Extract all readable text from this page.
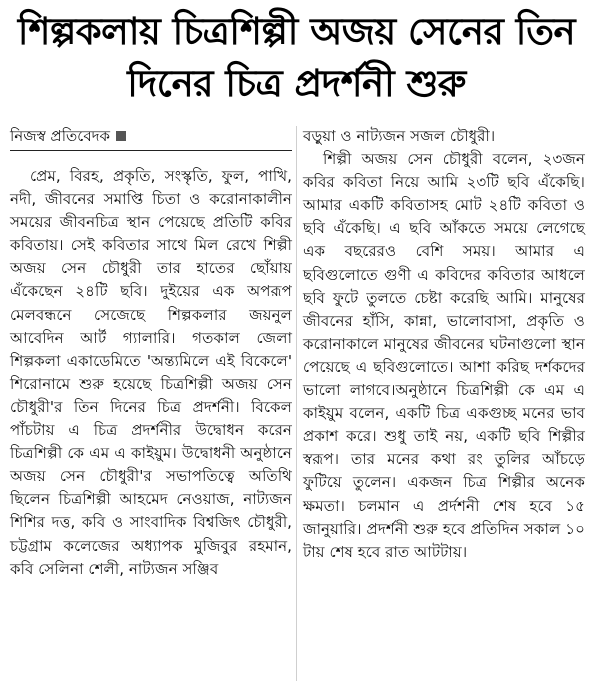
শিল্পকলায় চিত্রশিল্পী অজয় সেনের তিন
দিনের চিত্র প্রদর্শনী শুরু
নিজস্ব প্রতিবেদক

প্রেম, বিরহ, প্রকৃতি, সংস্কৃতি, ফুল, পাখি, নদী, জীবনের সমাপ্তি চিতা ও করোনাকালীন সময়ের জীবনচিত্র স্থান পেয়েছে প্রতিটি কবির কবিতায়। সেই কবিতার সাথে মিল রেখে শিল্পী অজয় সেন চৌধুরী তার হাতের ছোঁয়ায় এঁকেছেন ২৪টি ছবি। দুইয়ের এক অপরূপ মেলবন্ধনে সেজেছে শিল্পকলার জয়নুল আবেদিন আর্ট গ্যালারি। গতকাল জেলা শিল্পকলা একাডেমিতে 'অন্ত্যমিলে এই বিকেলে' শিরোনামে শুরু হয়েছে চিত্রশিল্পী অজয় সেন চৌধুরী'র তিন দিনের চিত্র প্রদর্শনী। বিকেল পাঁচটায় এ চিত্র প্রদর্শনীর উদ্বোধন করেন চিত্রশিল্পী কে এম এ কাইয়ুম। উদ্বোধনী অনুষ্ঠানে অজয় সেন চৌধুরী'র সভাপতিত্বে অতিথি ছিলেন চিত্রশিল্পী আহমেদ নেওয়াজ, নাট্যজন শিশির দত্ত, কবি ও সাংবাদিক বিশ্বজিৎ চৌধুরী, চট্টগ্রাম কলেজের অধ্যাপক মুজিবুর রহমান, কবি সেলিনা শেলী, নাট্যজন সঞ্জিব

বড়ুয়া ও নাট্যজন সজল চৌধুরী।

শিল্পী অজয় সেন চৌধুরী বলেন, ২৩জন কবির কবিতা নিয়ে আমি ২৩টি ছবি এঁকেছি। আমার একটি কবিতাসহ মোট ২৪টি কবিতা ও ছবি এঁকেছি। এ ছবি আঁকতে সময়ে লেগেছে এক বছরেরও বেশি সময়। আমার এ ছবিগুলোতে গুণী এ কবিদের কবিতার আধলে ছবি ফুটে তুলতে চেষ্টা করেছি আমি। মানুষের জীবনের হাঁসি, কান্না, ভালোবাসা, প্রকৃতি ও করোনাকালে মানুষের জীবনের ঘটনাগুলো স্থান পেয়েছে এ ছবিগুলোতে। আশা করিছ দর্শকদের ভালো লাগবে।অনুষ্ঠানে চিত্রশিল্পী কে এম এ কাইয়ুম বলেন, একটি চিত্র একগুচ্ছ মনের ভাব প্রকাশ করে। শুধু তাই নয়, একটি ছবি শিল্পীর স্বরূপ। তার মনের কথা রং তুলির আঁচড়ে ফুটিয়ে তুলেন। একজন চিত্র শিল্পীর অনেক ক্ষমতা। চলমান এ প্রর্দশনী শেষ হবে ১৫ জানুয়ারি। প্রদর্শনী শুরু হবে প্রতিদিন সকাল ১০ টায় শেষ হবে রাত আটটায়।
